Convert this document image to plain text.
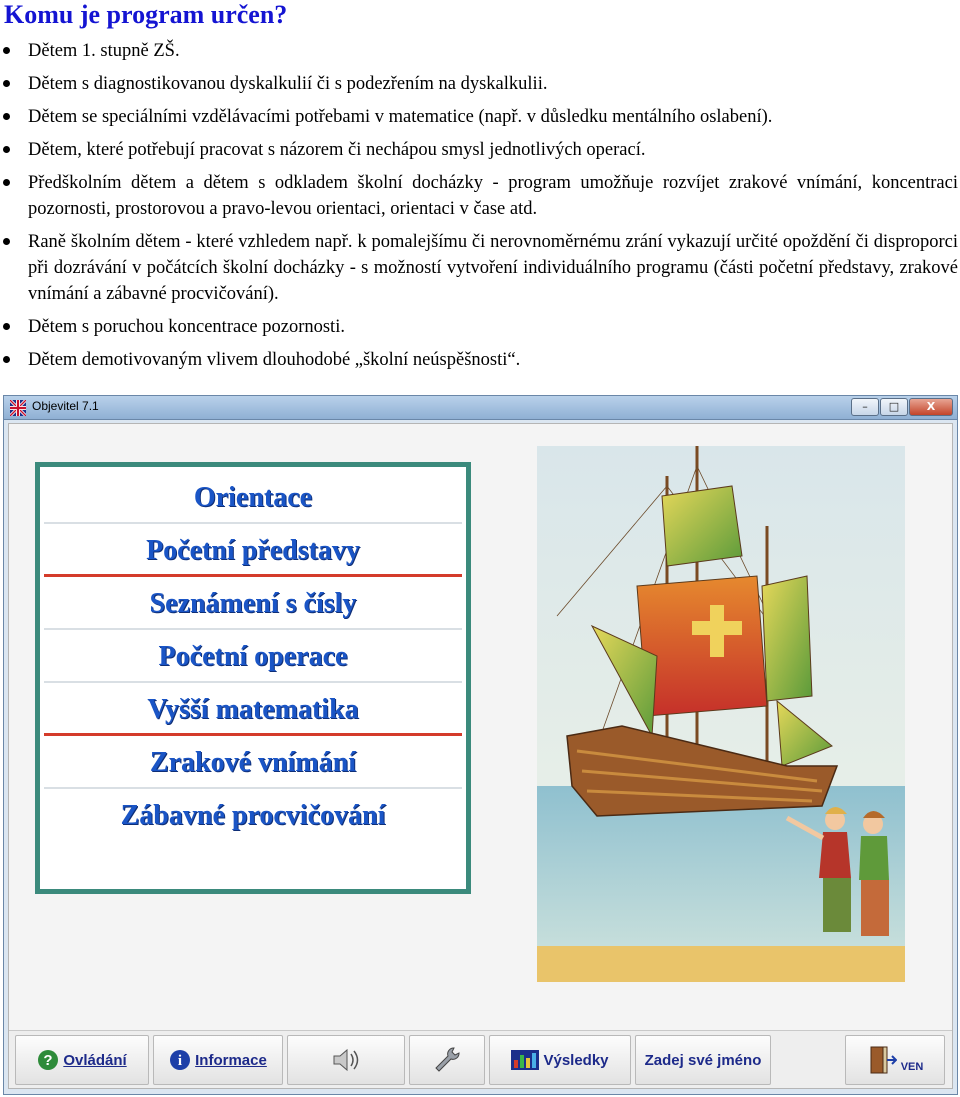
Komu je program určen?
Dětem 1. stupně ZŠ.
Dětem s diagnostikovanou dyskalkulií či s podezřením na dyskalkulii.
Dětem se speciálními vzdělávacími potřebami v matematice (např. v důsledku mentálního oslabení).
Dětem, které potřebují pracovat s názorem či nechápou smysl jednotlivých operací.
Předškolním dětem a dětem s odkladem školní docházky - program umožňuje rozvíjet zrakové vnímání, koncentraci pozornosti, prostorovou a pravo-levou orientaci, orientaci v čase atd.
Raně školním dětem - které vzhledem např. k pomalejšímu či nerovnoměrnému zrání vykazují určité opoždění či disproporci při dozrávání v počátcích školní docházky - s možností vytvoření individuálního programu (části početní představy, zrakové vnímání a zábavné procvičování).
Dětem s poruchou koncentrace pozornosti.
Dětem demotivovaným vlivem dlouhodobé „školní neúspěšnosti“.
Objevitel 7.1	–	□	X
Orientace
Početní představy
Seznámení s čísly
Početní operace
Vyšší matematika
Zrakové vnímání
Zábavné procvičování
? Ovládání	i Informace	Výsledky Zadej své jméno	VEN
